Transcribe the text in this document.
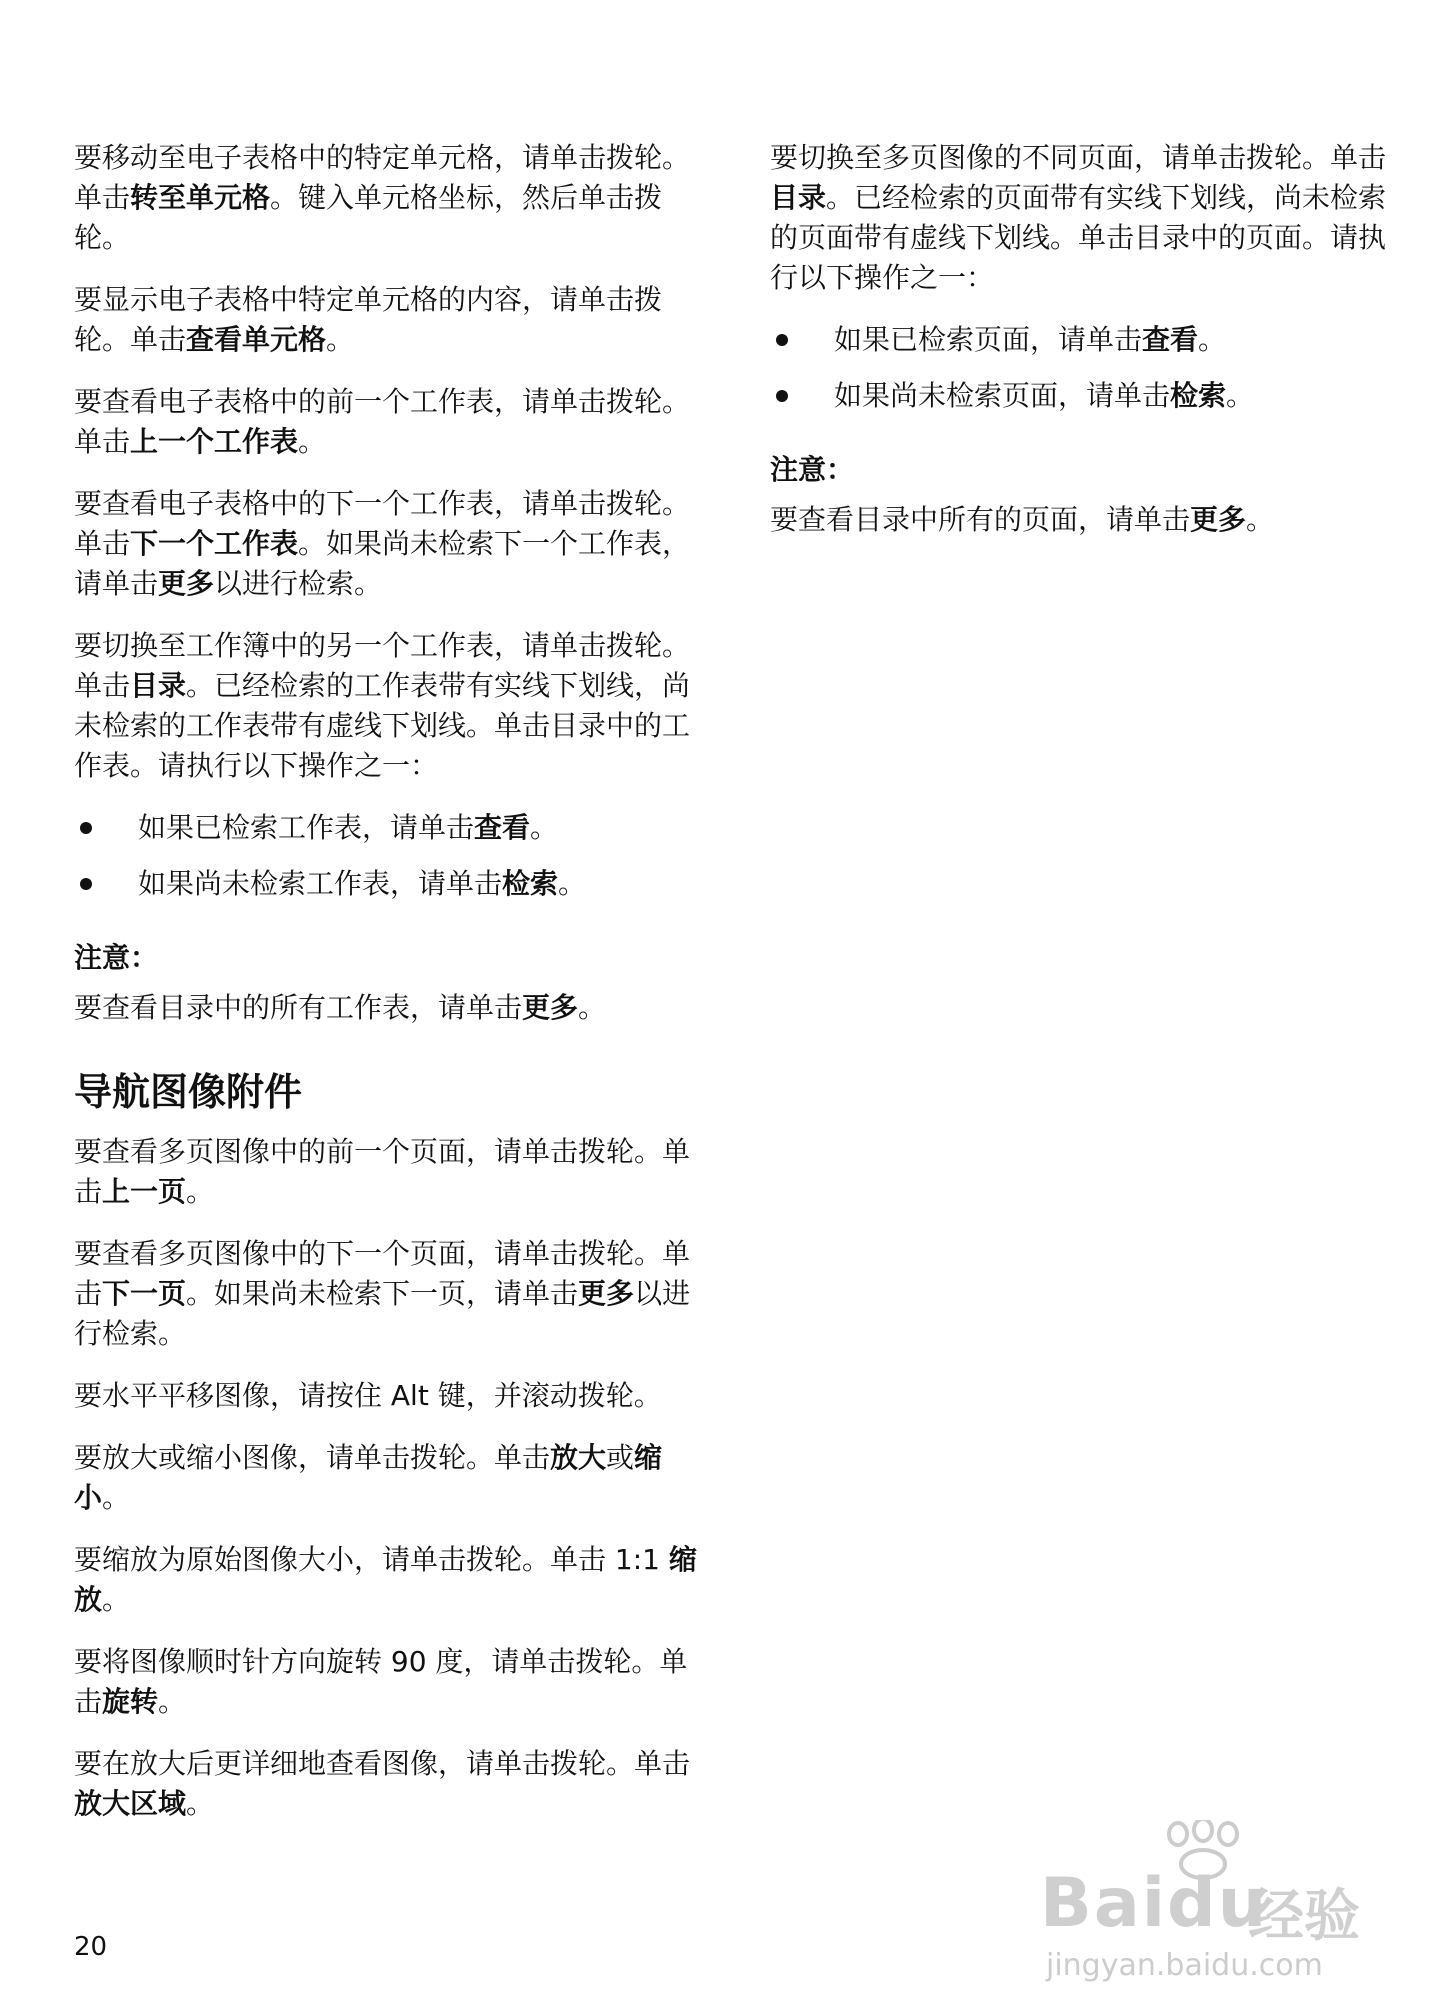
要移动至电子表格中的特定单元格，请单击拨轮。单击转至单元格。键入单元格坐标，然后单击拨轮。

要显示电子表格中特定单元格的内容，请单击拨轮。单击查看单元格。

要查看电子表格中的前一个工作表，请单击拨轮。单击上一个工作表。

要查看电子表格中的下一个工作表，请单击拨轮。单击下一个工作表。如果尚未检索下一个工作表，请单击更多以进行检索。

要切换至工作簿中的另一个工作表，请单击拨轮。单击目录。已经检索的工作表带有实线下划线，尚未检索的工作表带有虚线下划线。单击目录中的工作表。请执行以下操作之一：

如果已检索工作表，请单击查看。
如果尚未检索工作表，请单击检索。
注意：

要查看目录中的所有工作表，请单击更多。

导航图像附件

要查看多页图像中的前一个页面，请单击拨轮。单击上一页。

要查看多页图像中的下一个页面，请单击拨轮。单击下一页。如果尚未检索下一页，请单击更多以进行检索。

要水平平移图像，请按住 Alt 键，并滚动拨轮。

要放大或缩小图像，请单击拨轮。单击放大或缩小。

要缩放为原始图像大小，请单击拨轮。单击 1:1 缩放。

要将图像顺时针方向旋转 90 度，请单击拨轮。单击旋转。

要在放大后更详细地查看图像，请单击拨轮。单击放大区域。

要切换至多页图像的不同页面，请单击拨轮。单击目录。已经检索的页面带有实线下划线，尚未检索的页面带有虚线下划线。单击目录中的页面。请执行以下操作之一：

如果已检索页面，请单击查看。
如果尚未检索页面，请单击检索。
注意：

要查看目录中所有的页面，请单击更多。

20
Baidu
经验
jingyan.baidu.com
